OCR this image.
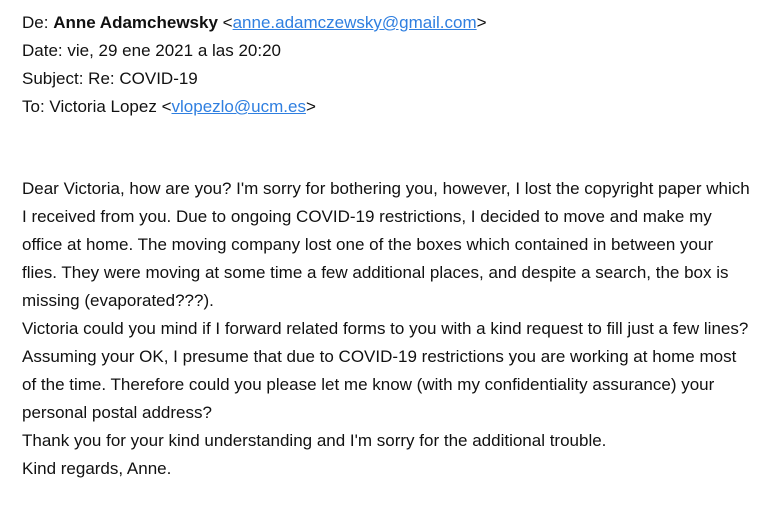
De: Anne Adamchewsky <anne.adamczewsky@gmail.com>
Date: vie, 29 ene 2021 a las 20:20
Subject: Re: COVID-19
To: Victoria Lopez <vlopezlo@ucm.es>

Dear Victoria, how are you? I'm sorry for bothering you, however, I lost the copyright paper which I received from you. Due to ongoing COVID-19 restrictions, I decided to move and make my office at home. The moving company lost one of the boxes which contained in between your flies. They were moving at some time a few additional places, and despite a search, the box is missing (evaporated???).

Victoria could you mind if I forward related forms to you with a kind request to fill just a few lines?

Assuming your OK, I presume that due to COVID-19 restrictions you are working at home most of the time. Therefore could you please let me know (with my confidentiality assurance) your personal postal address?

Thank you for your kind understanding and I'm sorry for the additional trouble.

Kind regards, Anne.
